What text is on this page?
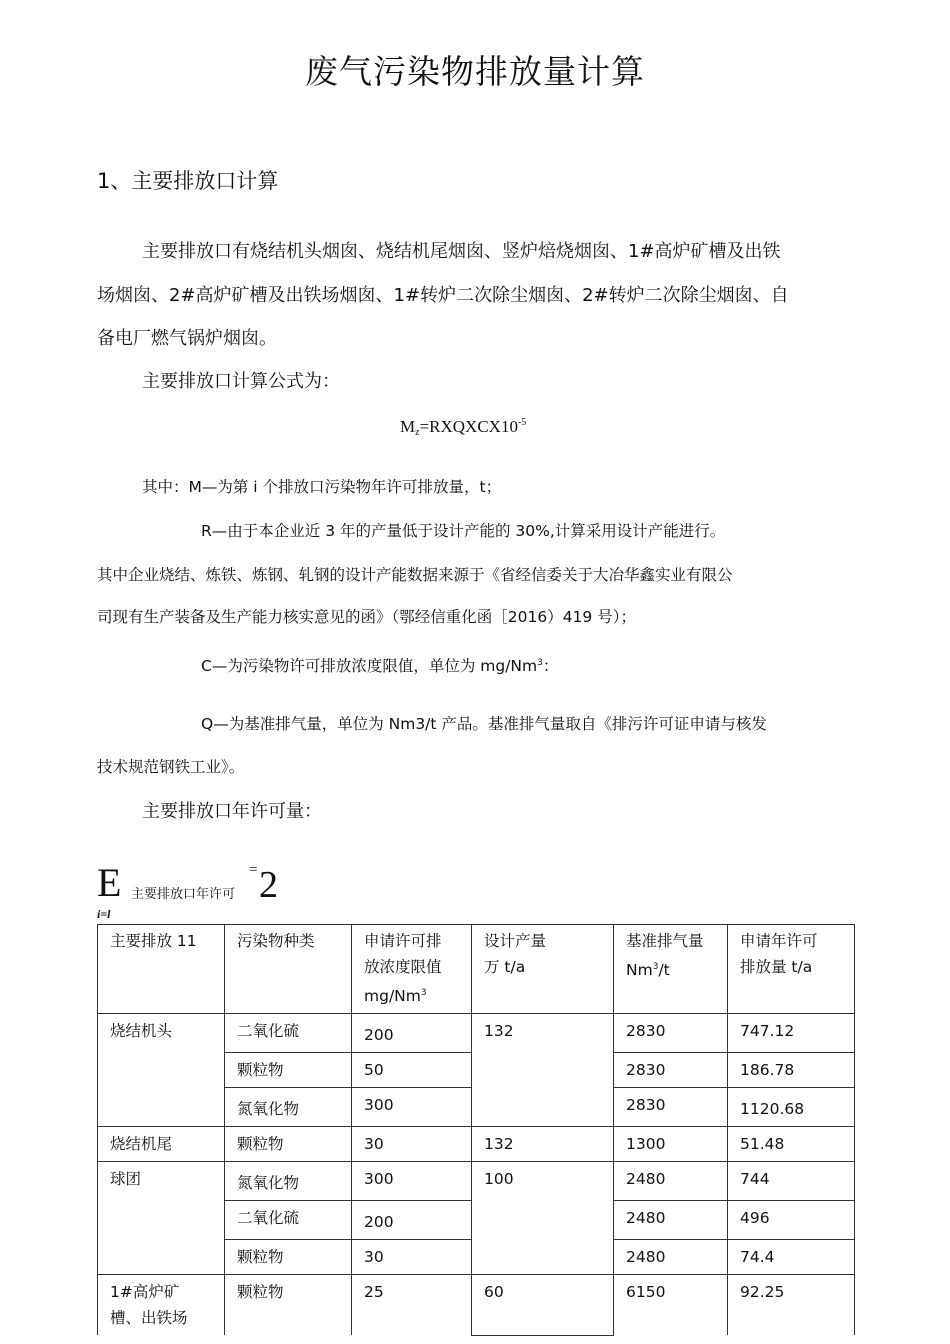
废气污染物排放量计算
1、主要排放口计算
主要排放口有烧结机头烟囱、烧结机尾烟囱、竖炉焙烧烟囱、1#高炉矿槽及出铁
场烟囱、2#高炉矿槽及出铁场烟囱、1#转炉二次除尘烟囱、2#转炉二次除尘烟囱、自
备电厂燃气锅炉烟囱。
主要排放口计算公式为：
$M_z=RXQXCX10^{-5}$
其中：M—为第 i 个排放口污染物年许可排放量，t；
R—由于本企业近 3 年的产量低于设计产能的 30%,计算采用设计产能进行。
其中企业烧结、炼铁、炼钢、轧钢的设计产能数据来源于《省经信委关于大冶华鑫实业有限公
司现有生产装备及生产能力核实意见的函》（鄂经信重化函［2016）419 号）；
C—为污染物许可排放浓度限值，单位为 mg/Nm$^3$：
Q—为基准排气量，单位为 Nm3/t 产品。基准排气量取自《排污许可证申请与核发
技术规范钢铁工业》。
主要排放口年许可量：
E 主要排放口年许可
= 2
i=l
主要排放 11	污染物种类	申请许可排
放浓度限值
mg/Nm$^3$	设计产量
万 t/a	基准排气量
Nm$^3$/t	申请年许可
排放量 t/a
烧结机头	二氧化硫	200	132	2830	747.12
	颗粒物	50		2830	186.78
	氮氧化物	300		2830	1120.68
烧结机尾	颗粒物	30	132	1300	51.48
球团	氮氧化物	300	100	2480	744
	二氧化硫	200		2480	496
	颗粒物	30		2480	74.4
1#高炉矿
槽、出铁场	颗粒物	25	60	6150	92.25
